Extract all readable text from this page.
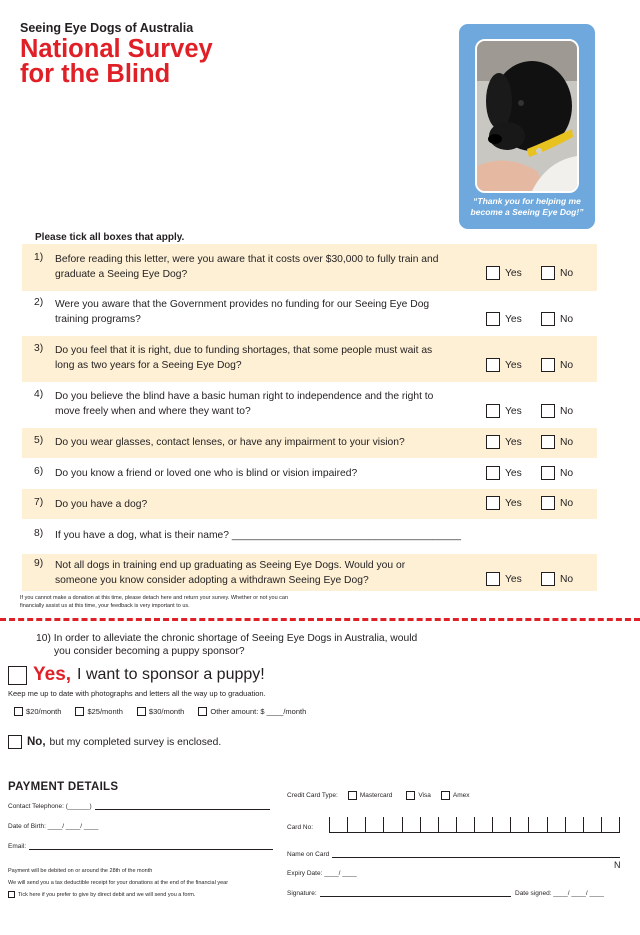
Seeing Eye Dogs of Australia
National Survey
for the Blind
“Thank you for helping me
become a Seeing Eye Dog!”
Please tick all boxes that apply.
1) Before reading this letter, were you aware that it costs over $30,000 to fully train and
graduate a Seeing Eye Dog?	Yes	No
2) Were you aware that the Government provides no funding for our Seeing Eye Dog
training programs?	Yes	No
3) Do you feel that it is right, due to funding shortages, that some people must wait as
long as two years for a Seeing Eye Dog?	Yes	No
4) Do you believe the blind have a basic human right to independence and the right to
move freely when and where they want to?	Yes	No
5) Do you wear glasses, contact lenses, or have any impairment to your vision?	Yes	No
6) Do you know a friend or loved one who is blind or vision impaired?	Yes	No
7) Do you have a dog?	Yes	No
8) If you have a dog, what is their name? ________________________________________
9) Not all dogs in training end up graduating as Seeing Eye Dogs. Would you or
someone you know consider adopting a withdrawn Seeing Eye Dog?	Yes	No
If you cannot make a donation at this time, please detach here and return your survey. Whether or not you can
financially assist us at this time, your feedback is very important to us.
10) In order to alleviate the chronic shortage of Seeing Eye Dogs in Australia, would
you consider becoming a puppy sponsor?
Yes, I want to sponsor a puppy!
Keep me up to date with photographs and letters all the way up to graduation.
$20/month	$25/month	$30/month	Other amount: $ ____/month
No, but my completed survey is enclosed.
PAYMENT DETAILS
Contact Telephone: (______)
Date of Birth: ____/ ____/ ____
Email:
Payment will be debited on or around the 28th of the month
We will send you a tax deductible receipt for your donations at the end of the financial year
Tick here if you prefer to give by direct debit and we will send you a form.
Credit Card Type:	Mastercard	Visa	Amex
Card No:
Name on Card
N
Expiry Date: ____/ ____
Signature:	Date signed: ____/ ____/ ____
